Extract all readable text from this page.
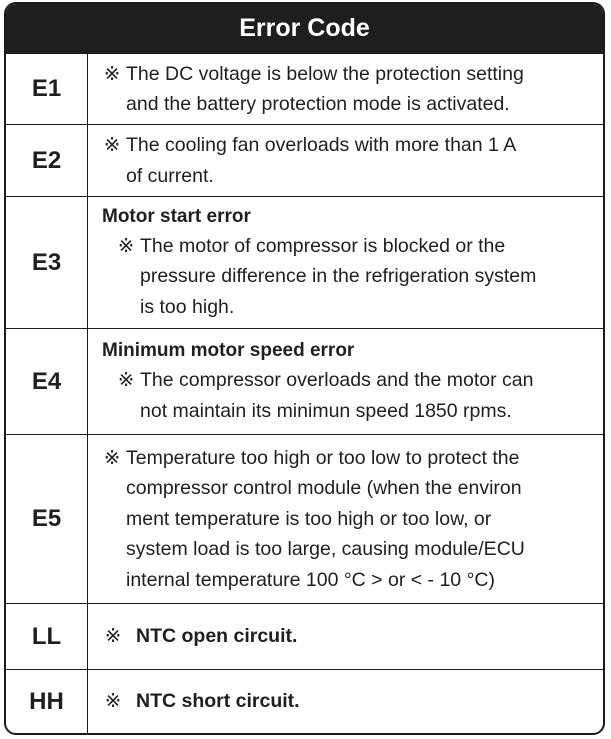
Error Code
E1
※ The DC voltage is below the protection setting
and the battery protection mode is activated.
E2
※ The cooling fan overloads with more than 1 A
of current.
E3
Motor start error
※ The motor of compressor is blocked or the
pressure difference in the refrigeration system
is too high.
E4
Minimum motor speed error
※ The compressor overloads and the motor can
not maintain its minimun speed 1850 rpms.
E5
※ Temperature too high or too low to protect the
compressor control module (when the environ
ment temperature is too high or too low, or
system load is too large, causing module/ECU
internal temperature 100 °C > or < - 10 °C)
LL	※ NTC open circuit.
HH	※ NTC short circuit.
